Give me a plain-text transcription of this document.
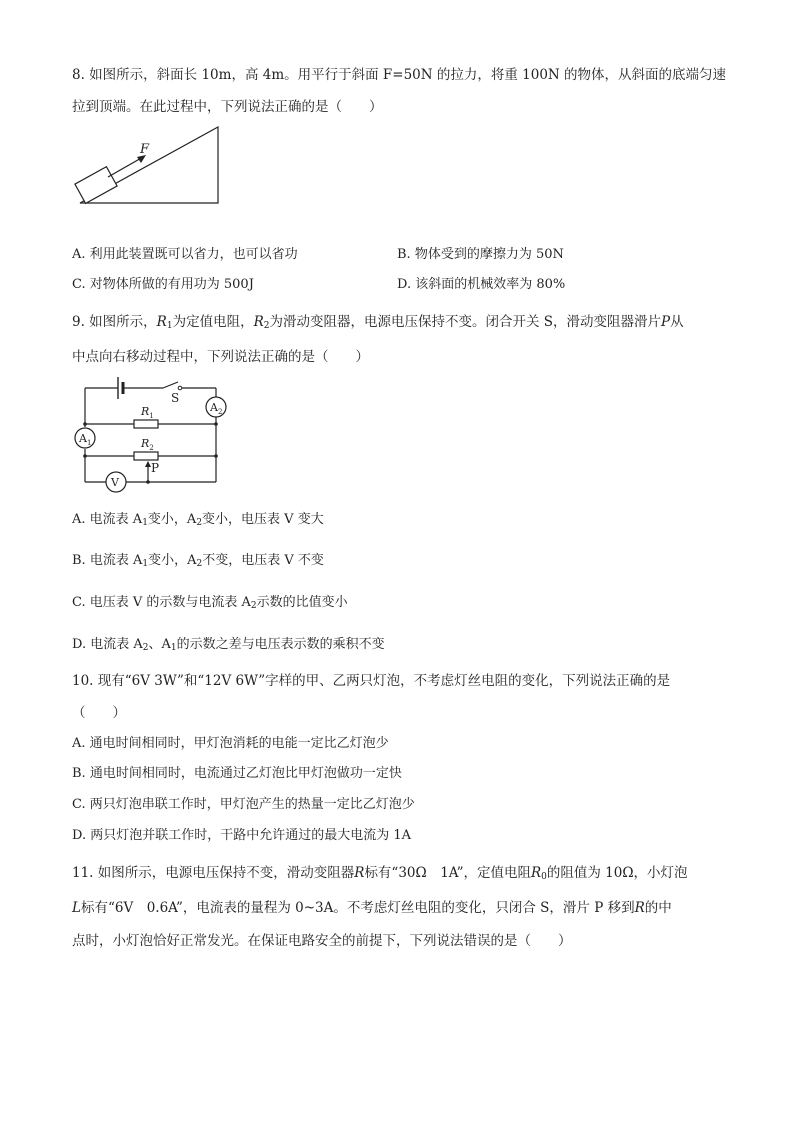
8. 如图所示，斜面长 10m，高 4m。用平行于斜面 F=50N 的拉力，将重 100N 的物体，从斜面的底端匀速
拉到顶端。在此过程中，下列说法正确的是（　　）
F
A. 利用此装置既可以省力，也可以省功	B. 物体受到的摩擦力为 50N
C. 对物体所做的有用功为 500J	D. 该斜面的机械效率为 80%
9. 如图所示，$R_1$为定值电阻，$R_2$为滑动变阻器，电源电压保持不变。闭合开关 S，滑动变阻器滑片P从
中点向右移动过程中，下列说法正确的是（　　）
S
$A_2$
$R_1$
$A_1$	$R_2$
P
V
A. 电流表 $A_1$变小，$A_2$变小，电压表 V 变大
B. 电流表 $A_1$变小，$A_2$不变，电压表 V 不变
C. 电压表 V 的示数与电流表 $A_2$示数的比值变小
D. 电流表 $A_2$、$A_1$的示数之差与电压表示数的乘积不变
10. 现有“6V 3W”和“12V 6W”字样的甲、乙两只灯泡，不考虑灯丝电阻的变化，下列说法正确的是
（　　）
A. 通电时间相同时，甲灯泡消耗的电能一定比乙灯泡少
B. 通电时间相同时，电流通过乙灯泡比甲灯泡做功一定快
C. 两只灯泡串联工作时，甲灯泡产生的热量一定比乙灯泡少
D. 两只灯泡并联工作时，干路中允许通过的最大电流为 1A
11. 如图所示，电源电压保持不变，滑动变阻器R标有“30Ω　1A”，定值电阻$R_0$的阻值为 10Ω，小灯泡
L标有“6V　0.6A”，电流表的量程为 0~3A。不考虑灯丝电阻的变化，只闭合 S，滑片 P 移到R的中
点时，小灯泡恰好正常发光。在保证电路安全的前提下，下列说法错误的是（　　）
